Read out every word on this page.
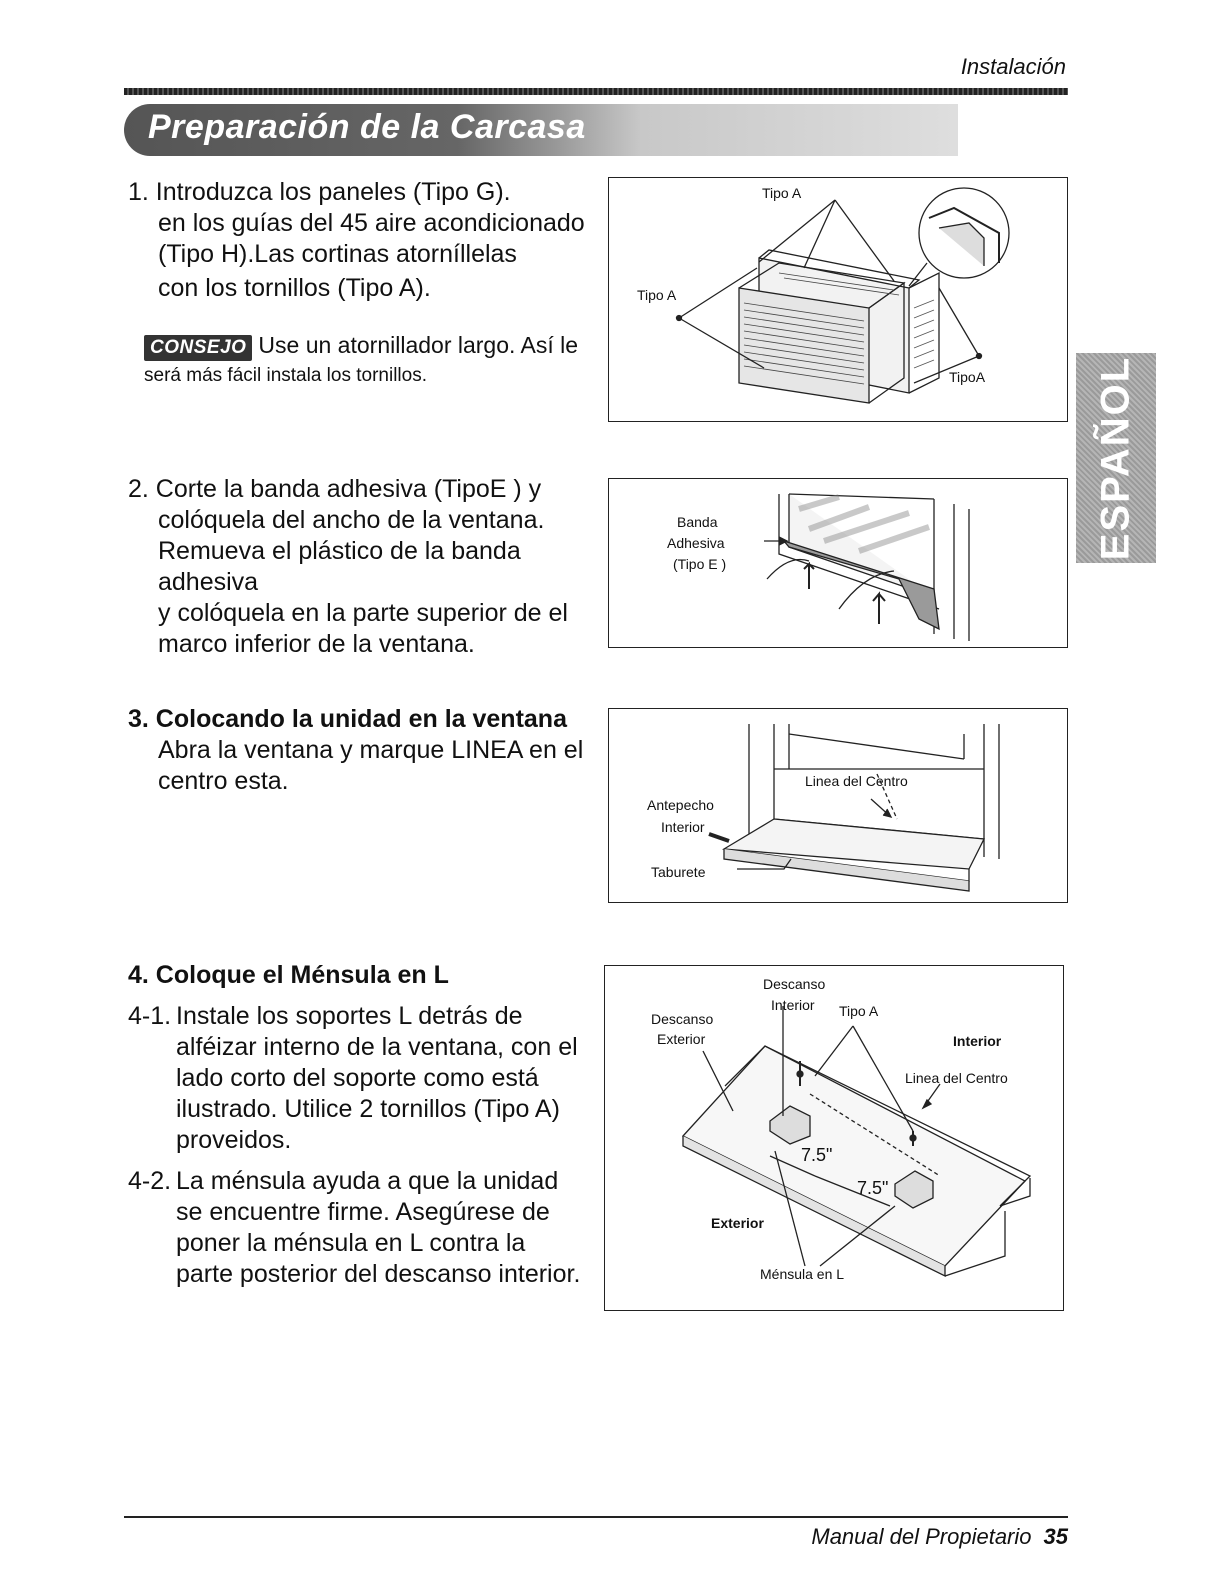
Instalación
Preparación de la Carcasa
ESPAÑOL
1. Introduzca los paneles (Tipo G).
en los guías del 45 aire acondicionado
(Tipo H).Las cortinas atorníllelas
con los tornillos (Tipo A).
CONSEJO Use un atornillador largo. Así le
será más fácil instala los tornillos.
Tipo A
Tipo A
TipoA
2. Corte la banda adhesiva (TipoE ) y
colóquela del ancho de la ventana.
Remueva el plástico de la banda adhesiva
y colóquela en la parte superior de el
marco inferior de la ventana.
Banda
Adhesiva
(Tipo E )
3. Colocando la unidad en la ventana
Abra la ventana y marque LINEA en el
centro esta.	Linea del Centro
Antepecho
Interior
Taburete
4. Coloque el Ménsula en L
4-1. Instale los soportes L detrás de
alféizar interno de la ventana, con el
lado corto del soporte como está
ilustrado. Utilice 2 tornillos (Tipo A)
proveidos.
4-2. La ménsula ayuda a que la unidad
se encuentre firme. Asegúrese de
poner la ménsula en L contra la
parte posterior del descanso interior.
Descanso
Interior
Descanso
Exterior
Tipo A
Interior
Linea del Centro
7.5"
7.5"
Exterior
Ménsula en L
Manual del Propietario 35
